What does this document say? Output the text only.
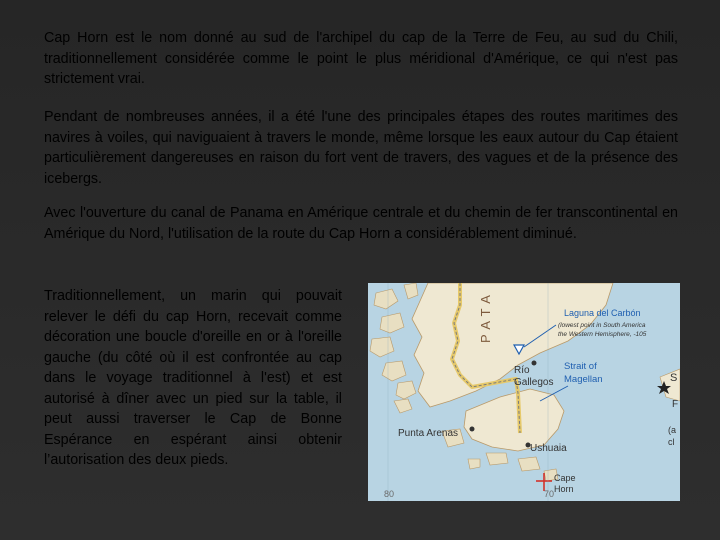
Cap Horn est le nom donné au sud de l'archipel du cap de la Terre de Feu, au sud du Chili, traditionnellement considérée comme le point le plus méridional d'Amérique, ce qui n'est pas strictement vrai.

Pendant de nombreuses années, il a été l'une des principales étapes des routes maritimes des navires à voiles, qui naviguaient à travers le monde, même lorsque les eaux autour du Cap étaient particulièrement dangereuses en raison du fort vent de travers, des vagues et de la présence des icebergs.

Avec l'ouverture du canal de Panama en Amérique centrale et du chemin de fer transcontinental en Amérique du Nord, l'utilisation de la route du Cap Horn a considérablement diminué.

Traditionnellement, un marin qui pouvait relever le défi du cap Horn, recevait comme décoration une boucle d'oreille en or à l'oreille gauche (du côté où il est confrontée au cap dans le voyage traditionnel à l'est) et est autorisé à dîner avec un pied sur la table, il peut aussi traverser le Cap de Bonne Espérance en espérant ainsi obtenir l’autorisation des deux pieds.

P A T A	Laguna del Carbón
(lowest point in South America
the Western Hemisphere, -105
Río
Gallegos
Strait of
Magellan
Punta Arenas
Ushuaia
Cape
Horn
S
F
(a
cl
80	70
